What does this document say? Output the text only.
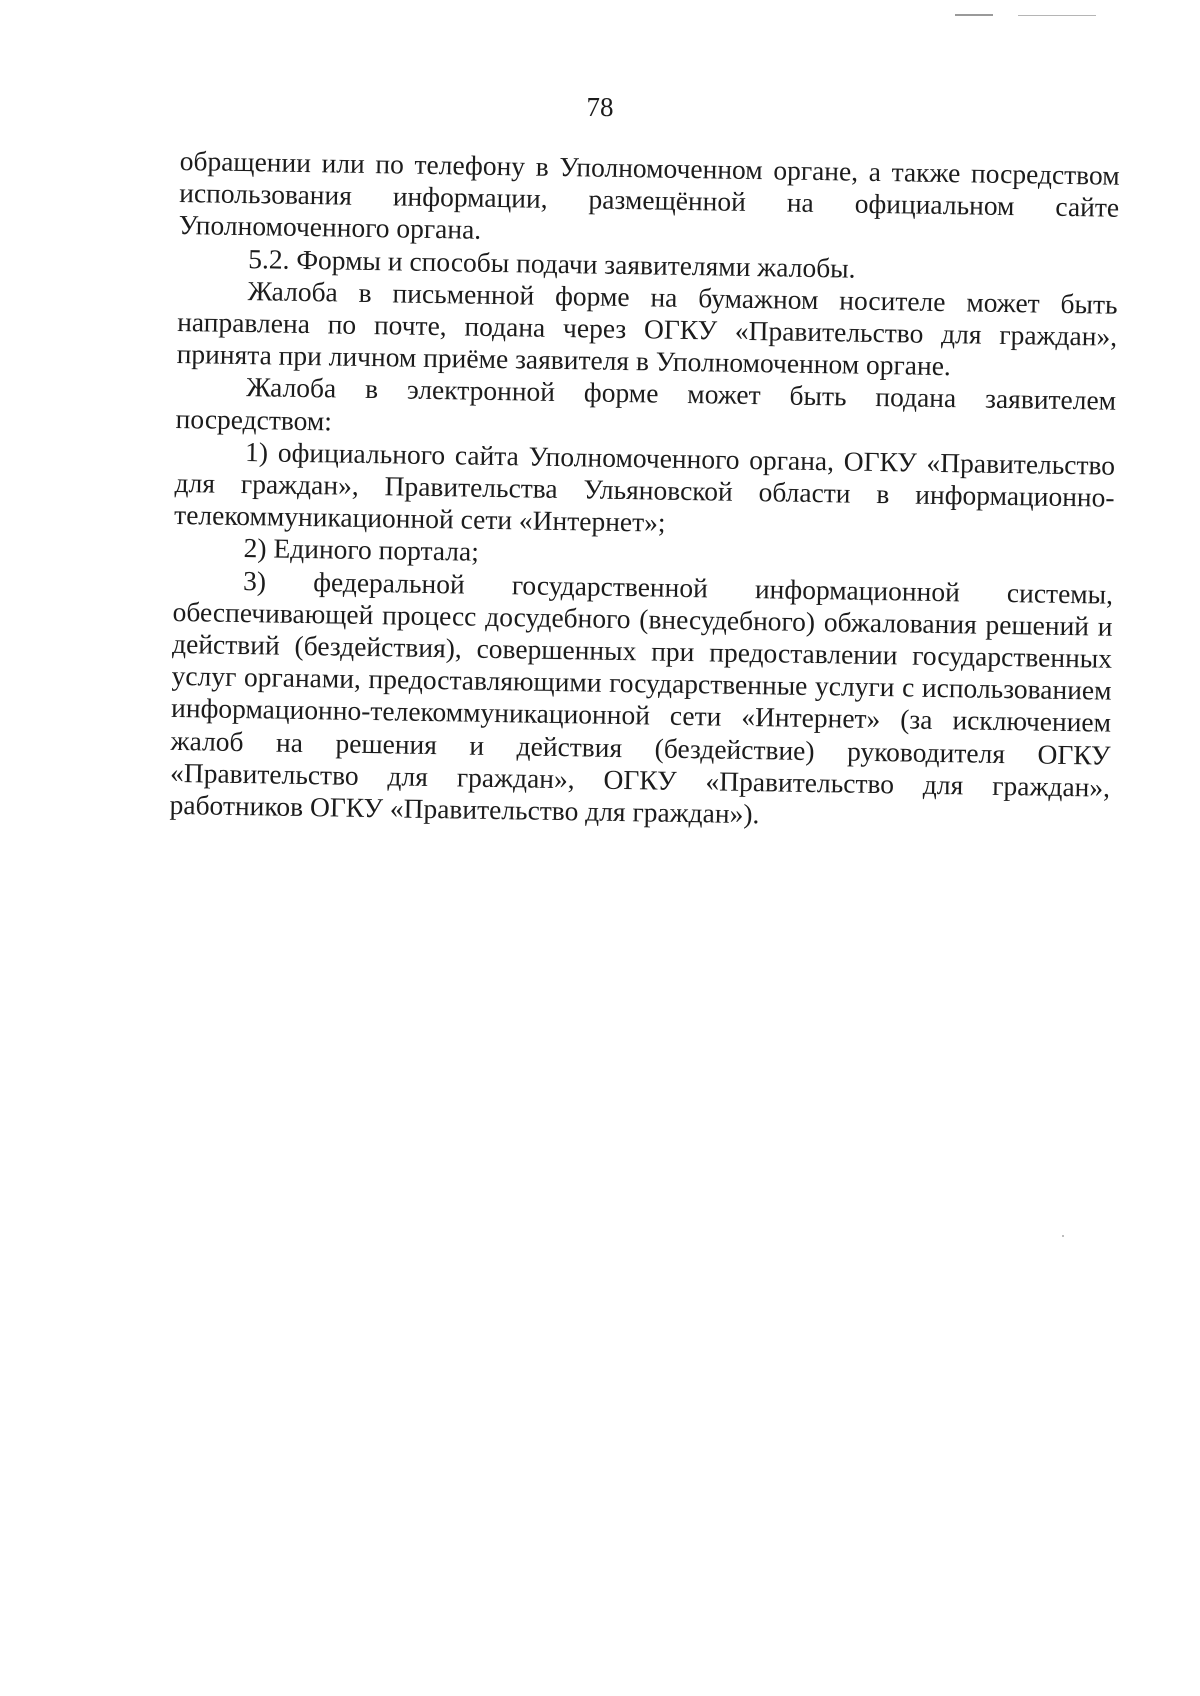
78

обращении или по телефону в Уполномоченном органе, а также посредством использования информации, размещённой на официальном сайте Уполномоченного органа.

5.2. Формы и способы подачи заявителями жалобы.

Жалоба в письменной форме на бумажном носителе может быть направлена по почте, подана через ОГКУ «Правительство для граждан», принята при личном приёме заявителя в Уполномоченном органе.

Жалоба в электронной форме может быть подана заявителем посредством:

1) официального сайта Уполномоченного органа, ОГКУ «Правительство для граждан», Правительства Ульяновской области в информационно-телекоммуникационной сети «Интернет»;

2) Единого портала;

3) федеральной государственной информационной системы, обеспечивающей процесс досудебного (внесудебного) обжалования решений и действий (бездействия), совершенных при предоставлении государственных услуг органами, предоставляющими государственные услуги с использованием информационно-телекоммуникационной сети «Интернет» (за исключением жалоб на решения и действия (бездействие) руководителя ОГКУ «Правительство для граждан», ОГКУ «Правительство для граждан», работников ОГКУ «Правительство для граждан»).
